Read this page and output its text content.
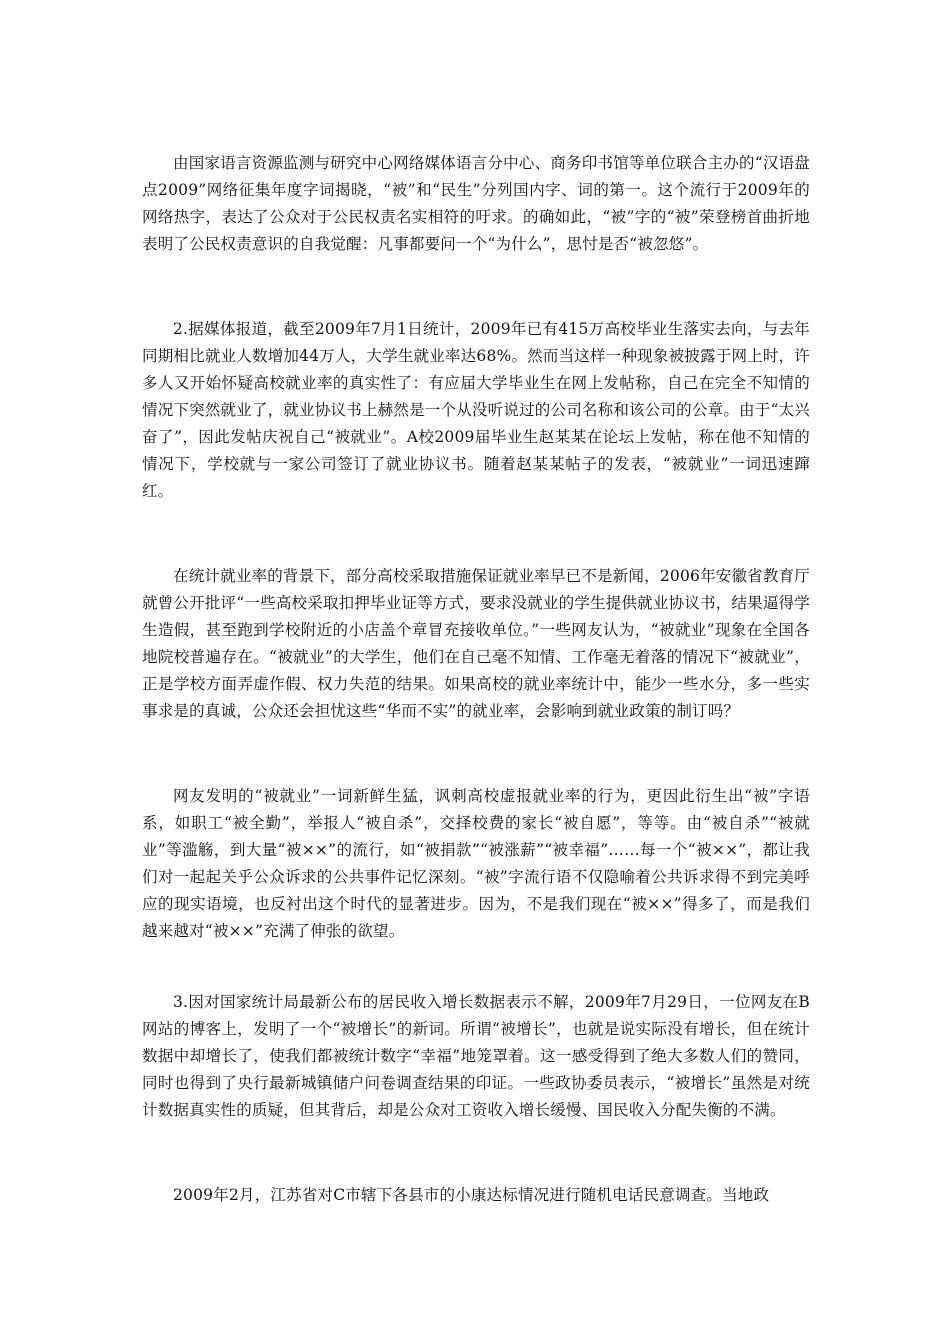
由国家语言资源监测与研究中心网络媒体语言分中心、商务印书馆等单位联合主办的“汉语盘点2009”网络征集年度字词揭晓，“被”和“民生”分列国内字、词的第一。这个流行于2009年的网络热字，表达了公众对于公民权责名实相符的吁求。的确如此，“被”字的“被”荣登榜首曲折地表明了公民权责意识的自我觉醒：凡事都要问一个“为什么”，思忖是否“被忽悠”。

2.据媒体报道，截至2009年7月1日统计，2009年已有415万高校毕业生落实去向，与去年同期相比就业人数增加44万人，大学生就业率达68%。然而当这样一种现象被披露于网上时，许多人又开始怀疑高校就业率的真实性了：有应届大学毕业生在网上发帖称，自己在完全不知情的情况下突然就业了，就业协议书上赫然是一个从没听说过的公司名称和该公司的公章。由于“太兴奋了”，因此发帖庆祝自己“被就业”。A校2009届毕业生赵某某在论坛上发帖，称在他不知情的情况下，学校就与一家公司签订了就业协议书。随着赵某某帖子的发表，“被就业”一词迅速蹿红。

在统计就业率的背景下，部分高校采取措施保证就业率早已不是新闻，2006年安徽省教育厅就曾公开批评“一些高校采取扣押毕业证等方式，要求没就业的学生提供就业协议书，结果逼得学生造假，甚至跑到学校附近的小店盖个章冒充接收单位。”一些网友认为，“被就业”现象在全国各地院校普遍存在。“被就业”的大学生，他们在自己毫不知情、工作毫无着落的情况下“被就业”，正是学校方面弄虚作假、权力失范的结果。如果高校的就业率统计中，能少一些水分，多一些实事求是的真诚，公众还会担忧这些“华而不实”的就业率，会影响到就业政策的制订吗？

网友发明的“被就业”一词新鲜生猛，讽刺高校虚报就业率的行为，更因此衍生出“被”字语系，如职工“被全勤”，举报人“被自杀”，交择校费的家长“被自愿”，等等。由“被自杀”“被就业”等滥觞，到大量“被××”的流行，如“被捐款”“被涨薪”“被幸福”……每一个“被××”，都让我们对一起起关乎公众诉求的公共事件记忆深刻。“被”字流行语不仅隐喻着公共诉求得不到完美呼应的现实语境，也反衬出这个时代的显著进步。因为，不是我们现在“被××”得多了，而是我们越来越对“被××”充满了伸张的欲望。

3.因对国家统计局最新公布的居民收入增长数据表示不解，2009年7月29日，一位网友在B网站的博客上，发明了一个“被增长”的新词。所谓“被增长”，也就是说实际没有增长，但在统计数据中却增长了，使我们都被统计数字“幸福”地笼罩着。这一感受得到了绝大多数人们的赞同，同时也得到了央行最新城镇储户问卷调查结果的印证。一些政协委员表示，“被增长”虽然是对统计数据真实性的质疑，但其背后，却是公众对工资收入增长缓慢、国民收入分配失衡的不满。

2009年2月，江苏省对C市辖下各县市的小康达标情况进行随机电话民意调查。当地政
